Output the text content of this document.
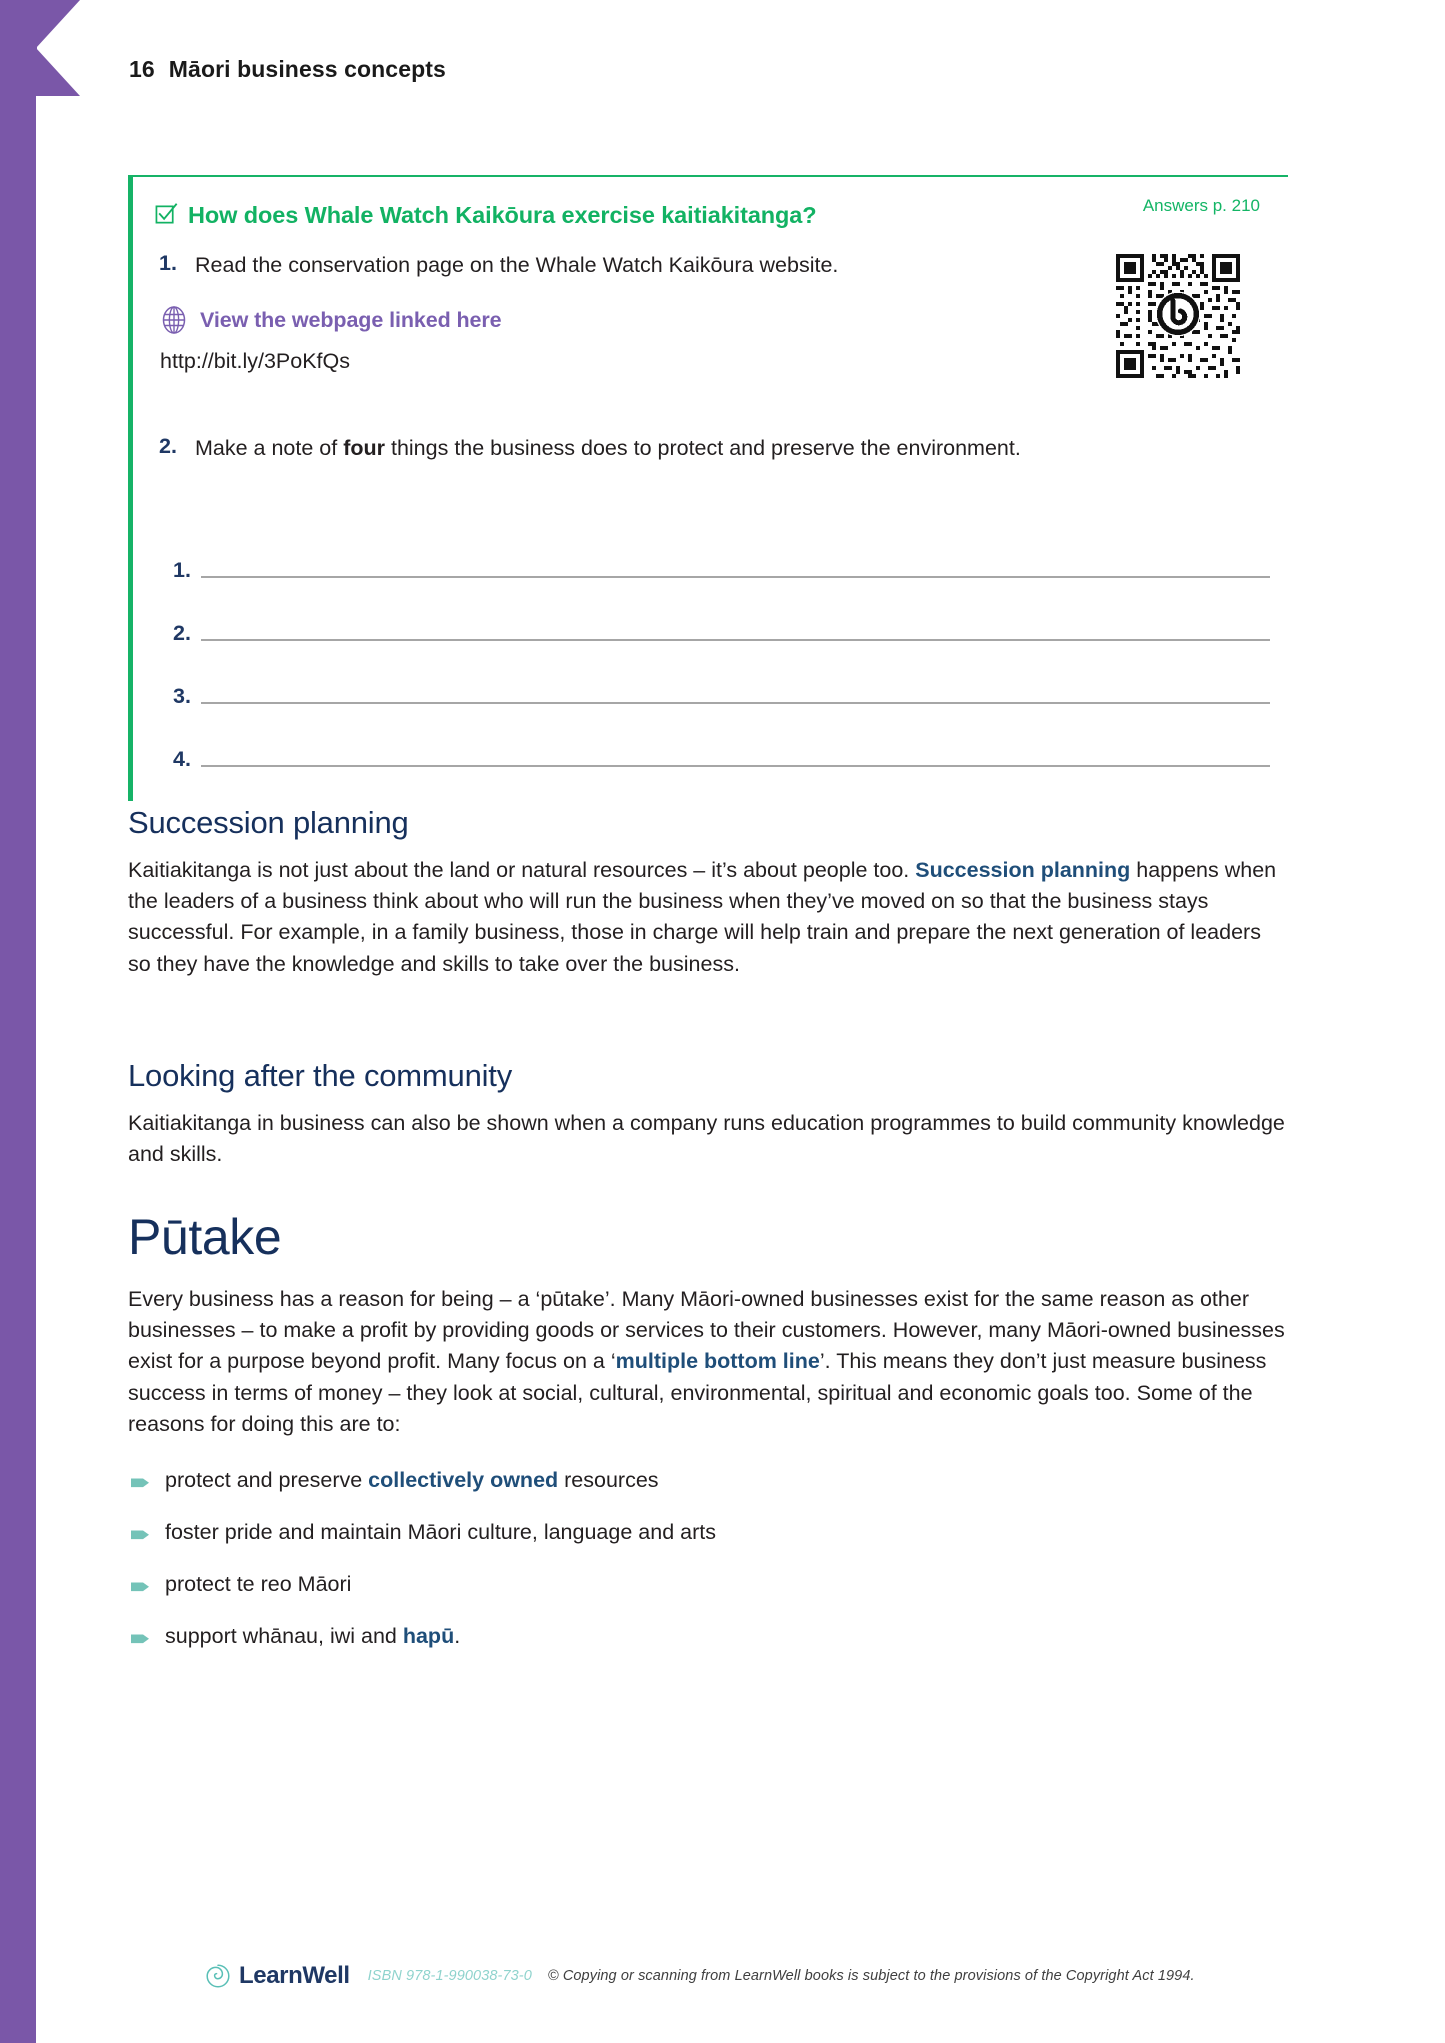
16 Māori business concepts
How does Whale Watch Kaikōura exercise kaitiakitanga?	Answers p. 210
1. Read the conservation page on the Whale Watch Kaikōura website.
View the webpage linked here
http://bit.ly/3PoKfQs
2. Make a note of four things the business does to protect and preserve the environment.
1.
2.
3.
4.
Succession planning

Kaitiakitanga is not just about the land or natural resources – it’s about people too. Succession planning happens when the leaders of a business think about who will run the business when they’ve moved on so that the business stays successful. For example, in a family business, those in charge will help train and prepare the next generation of leaders so they have the knowledge and skills to take over the business.

Looking after the community

Kaitiakitanga in business can also be shown when a company runs education programmes to build community knowledge and skills.

Pūtake

Every business has a reason for being – a ‘pūtake’. Many Māori-owned businesses exist for the same reason as other businesses – to make a profit by providing goods or services to their customers. However, many Māori-owned businesses exist for a purpose beyond profit. Many focus on a ‘multiple bottom line’. This means they don’t just measure business success in terms of money – they look at social, cultural, environmental, spiritual and economic goals too. Some of the reasons for doing this are to:

protect and preserve collectively owned resources
foster pride and maintain Māori culture, language and arts
protect te reo Māori
support whānau, iwi and hapū.
LearnWell ISBN 978-1-990038-73-0 © Copying or scanning from LearnWell books is subject to the provisions of the Copyright Act 1994.
